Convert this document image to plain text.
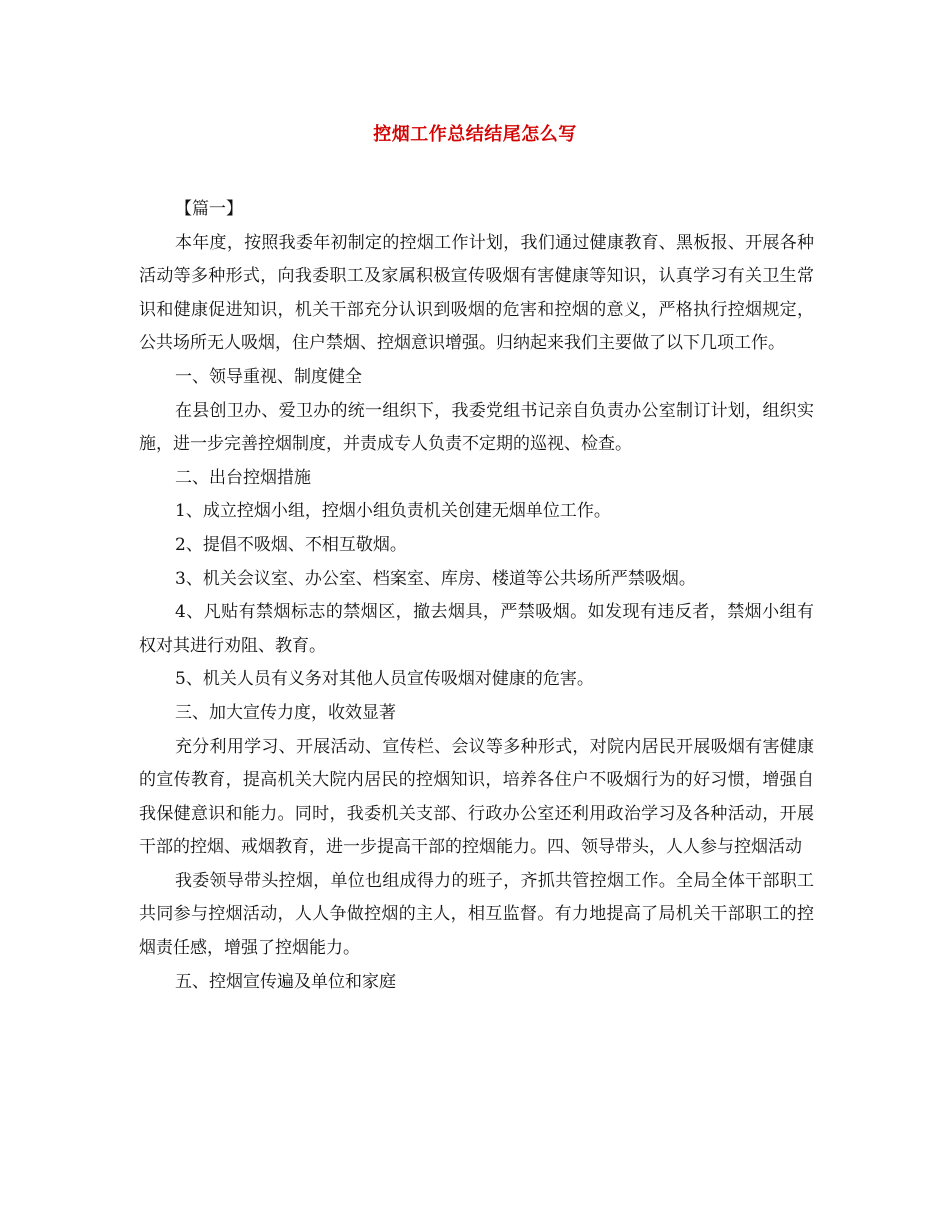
控烟工作总结结尾怎么写

【篇一】

本年度，按照我委年初制定的控烟工作计划，我们通过健康教育、黑板报、开展各种活动等多种形式，向我委职工及家属积极宣传吸烟有害健康等知识，认真学习有关卫生常识和健康促进知识，机关干部充分认识到吸烟的危害和控烟的意义，严格执行控烟规定，公共场所无人吸烟，住户禁烟、控烟意识增强。归纳起来我们主要做了以下几项工作。

一、领导重视、制度健全

在县创卫办、爱卫办的统一组织下，我委党组书记亲自负责办公室制订计划，组织实施，进一步完善控烟制度，并责成专人负责不定期的巡视、检查。

二、出台控烟措施

1、成立控烟小组，控烟小组负责机关创建无烟单位工作。

2、提倡不吸烟、不相互敬烟。

3、机关会议室、办公室、档案室、库房、楼道等公共场所严禁吸烟。

4、凡贴有禁烟标志的禁烟区，撤去烟具，严禁吸烟。如发现有违反者，禁烟小组有权对其进行劝阻、教育。

5、机关人员有义务对其他人员宣传吸烟对健康的危害。

三、加大宣传力度，收效显著

充分利用学习、开展活动、宣传栏、会议等多种形式，对院内居民开展吸烟有害健康的宣传教育，提高机关大院内居民的控烟知识，培养各住户不吸烟行为的好习惯，增强自我保健意识和能力。同时，我委机关支部、行政办公室还利用政治学习及各种活动，开展干部的控烟、戒烟教育，进一步提高干部的控烟能力。四、领导带头，人人参与控烟活动

我委领导带头控烟，单位也组成得力的班子，齐抓共管控烟工作。全局全体干部职工共同参与控烟活动，人人争做控烟的主人，相互监督。有力地提高了局机关干部职工的控烟责任感，增强了控烟能力。

五、控烟宣传遍及单位和家庭
